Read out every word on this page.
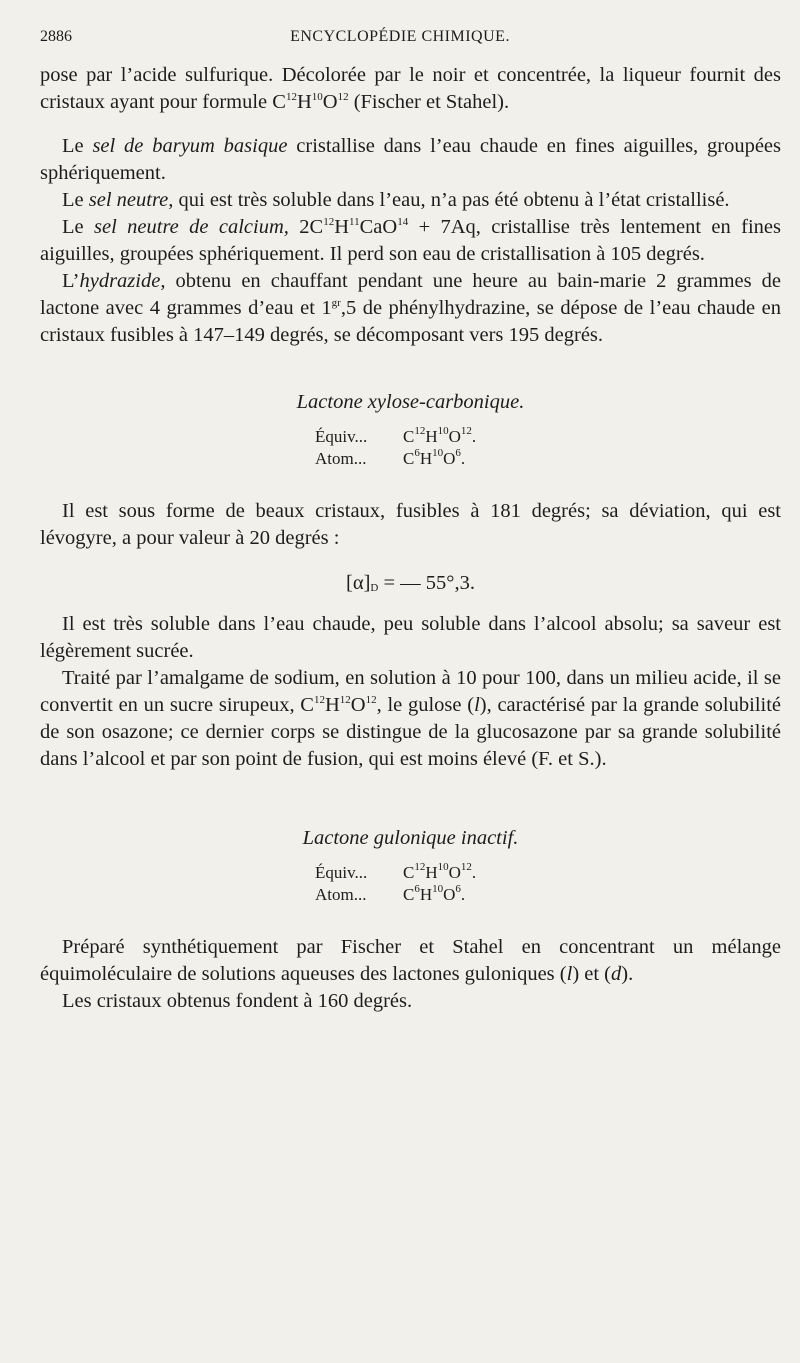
2886	ENCYCLOPÉDIE CHIMIQUE.

pose par l’acide sulfurique. Décolorée par le noir et concentrée, la liqueur fournit des cristaux ayant pour formule $C^{12}H^{10}O^{12}$ (Fischer et Stahel).

Le sel de baryum basique cristallise dans l’eau chaude en fines aiguilles, groupées sphériquement.

Le sel neutre, qui est très soluble dans l’eau, n’a pas été obtenu à l’état cristallisé.

Le sel neutre de calcium, $2C^{12}H^{11}CaO^{14} + 7Aq$, cristallise très lentement en fines aiguilles, groupées sphériquement. Il perd son eau de cristallisation à 105 degrés.

L’hydrazide, obtenu en chauffant pendant une heure au bain-marie 2 grammes de lactone avec 4 grammes d’eau et $1^{gr},5$ de phénylhydrazine, se dépose de l’eau chaude en cristaux fusibles à 147–149 degrés, se décomposant vers 195 degrés.

Lactone xylose-carbonique.

Équiv...	$C^{12}H^{10}O^{12}$.
Atom...	$C^6H^{10}O^6$.

Il est sous forme de beaux cristaux, fusibles à 181 degrés; sa déviation, qui est lévogyre, a pour valeur à 20 degrés :

$[\alpha]_D$ = — 55°,3.

Il est très soluble dans l’eau chaude, peu soluble dans l’alcool absolu; sa saveur est légèrement sucrée.

Traité par l’amalgame de sodium, en solution à 10 pour 100, dans un milieu acide, il se convertit en un sucre sirupeux, $C^{12}H^{12}O^{12}$, le gulose (l), caractérisé par la grande solubilité de son osazone; ce dernier corps se distingue de la glucosazone par sa grande solubilité dans l’alcool et par son point de fusion, qui est moins élevé (F. et S.).

Lactone gulonique inactif.

Équiv...	$C^{12}H^{10}O^{12}$.
Atom...	$C^6H^{10}O^6$.

Préparé synthétiquement par Fischer et Stahel en concentrant un mélange équimoléculaire de solutions aqueuses des lactones guloniques (l) et (d).

Les cristaux obtenus fondent à 160 degrés.
